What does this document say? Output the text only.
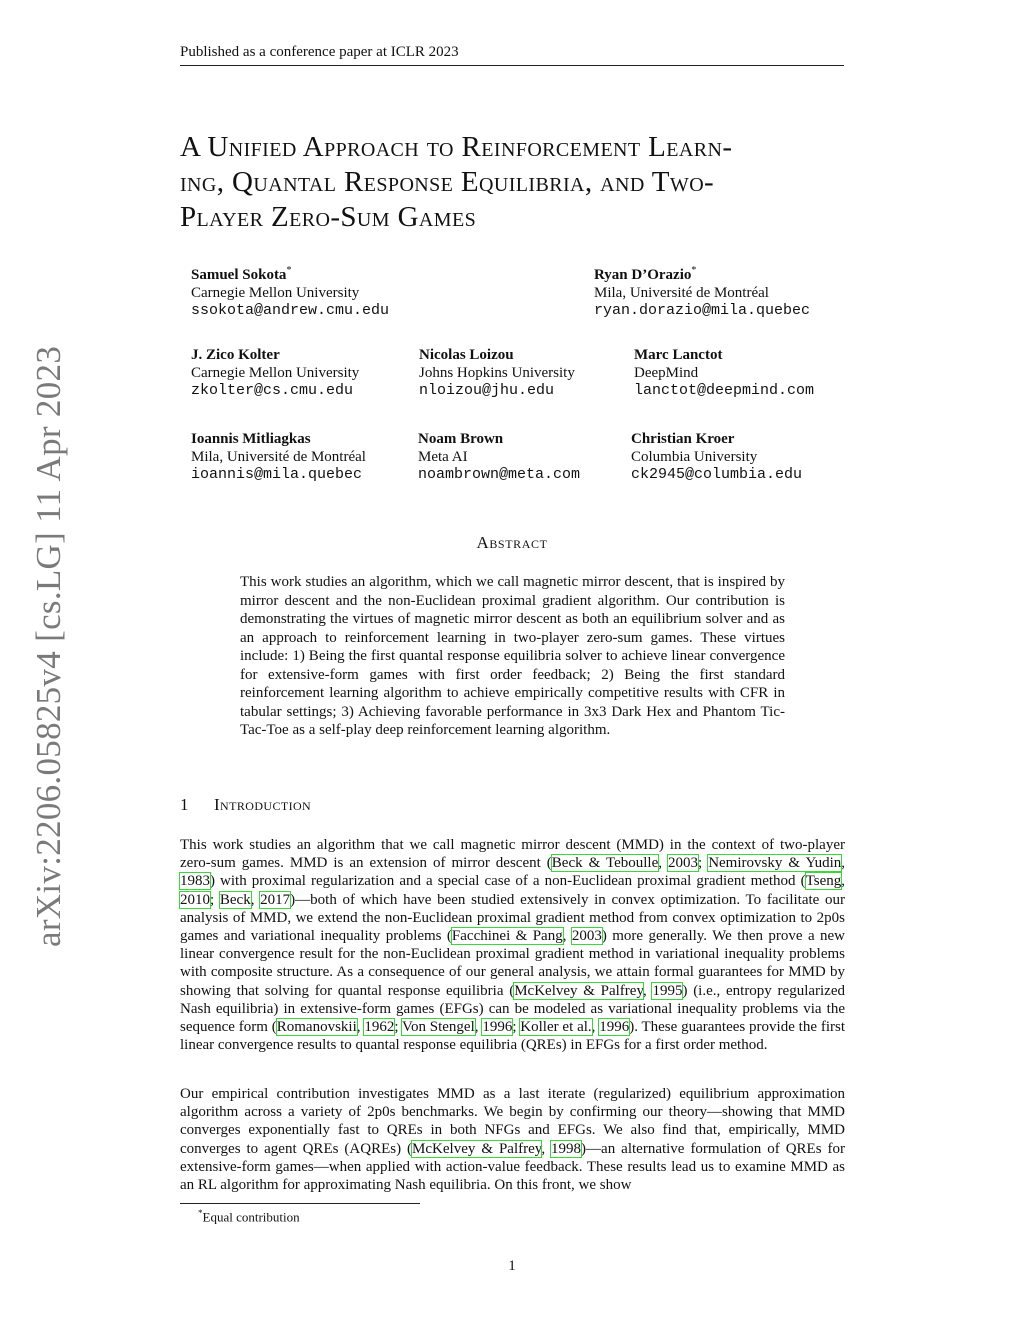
Published as a conference paper at ICLR 2023
arXiv:2206.05825v4 [cs.LG] 11 Apr 2023
A Unified Approach to Reinforcement Learn-
ing, Quantal Response Equilibria, and Two-
Player Zero-Sum Games
Samuel Sokota*
Carnegie Mellon University
ssokota@andrew.cmu.edu
Ryan D’Orazio*
Mila, Université de Montréal
ryan.dorazio@mila.quebec
J. Zico Kolter
Carnegie Mellon University
zkolter@cs.cmu.edu
Nicolas Loizou
Johns Hopkins University
nloizou@jhu.edu
Marc Lanctot
DeepMind
lanctot@deepmind.com
Ioannis Mitliagkas
Mila, Université de Montréal
ioannis@mila.quebec
Noam Brown
Meta AI
noambrown@meta.com
Christian Kroer
Columbia University
ck2945@columbia.edu
Abstract
This work studies an algorithm, which we call magnetic mirror descent, that is inspired by mirror descent and the non-Euclidean proximal gradient algorithm. Our contribution is demonstrating the virtues of magnetic mirror descent as both an equilibrium solver and as an approach to reinforcement learning in two-player zero-sum games. These virtues include: 1) Being the first quantal response equilibria solver to achieve linear convergence for extensive-form games with first order feedback; 2) Being the first standard reinforcement learning algorithm to achieve empirically competitive results with CFR in tabular settings; 3) Achieving favorable performance in 3x3 Dark Hex and Phantom Tic-Tac-Toe as a self-play deep reinforcement learning algorithm.
1 Introduction
This work studies an algorithm that we call magnetic mirror descent (MMD) in the context of two-player zero-sum games. MMD is an extension of mirror descent (Beck & Teboulle, 2003; Nemirovsky & Yudin, 1983) with proximal regularization and a special case of a non-Euclidean proximal gradient method (Tseng, 2010; Beck, 2017)—both of which have been studied extensively in convex optimization. To facilitate our analysis of MMD, we extend the non-Euclidean proximal gradient method from convex optimization to 2p0s games and variational inequality problems (Facchinei & Pang, 2003) more generally. We then prove a new linear convergence result for the non-Euclidean proximal gradient method in variational inequality problems with composite structure. As a consequence of our general analysis, we attain formal guarantees for MMD by showing that solving for quantal response equilibria (McKelvey & Palfrey, 1995) (i.e., entropy regularized Nash equilibria) in extensive-form games (EFGs) can be modeled as variational inequality problems via the sequence form (Romanovskii, 1962; Von Stengel, 1996; Koller et al., 1996). These guarantees provide the first linear convergence results to quantal response equilibria (QREs) in EFGs for a first order method.
Our empirical contribution investigates MMD as a last iterate (regularized) equilibrium approximation algorithm across a variety of 2p0s benchmarks. We begin by confirming our theory—showing that MMD converges exponentially fast to QREs in both NFGs and EFGs. We also find that, empirically, MMD converges to agent QREs (AQREs) (McKelvey & Palfrey, 1998)—an alternative formulation of QREs for extensive-form games—when applied with action-value feedback. These results lead us to examine MMD as an RL algorithm for approximating Nash equilibria. On this front, we show
*Equal contribution
1
